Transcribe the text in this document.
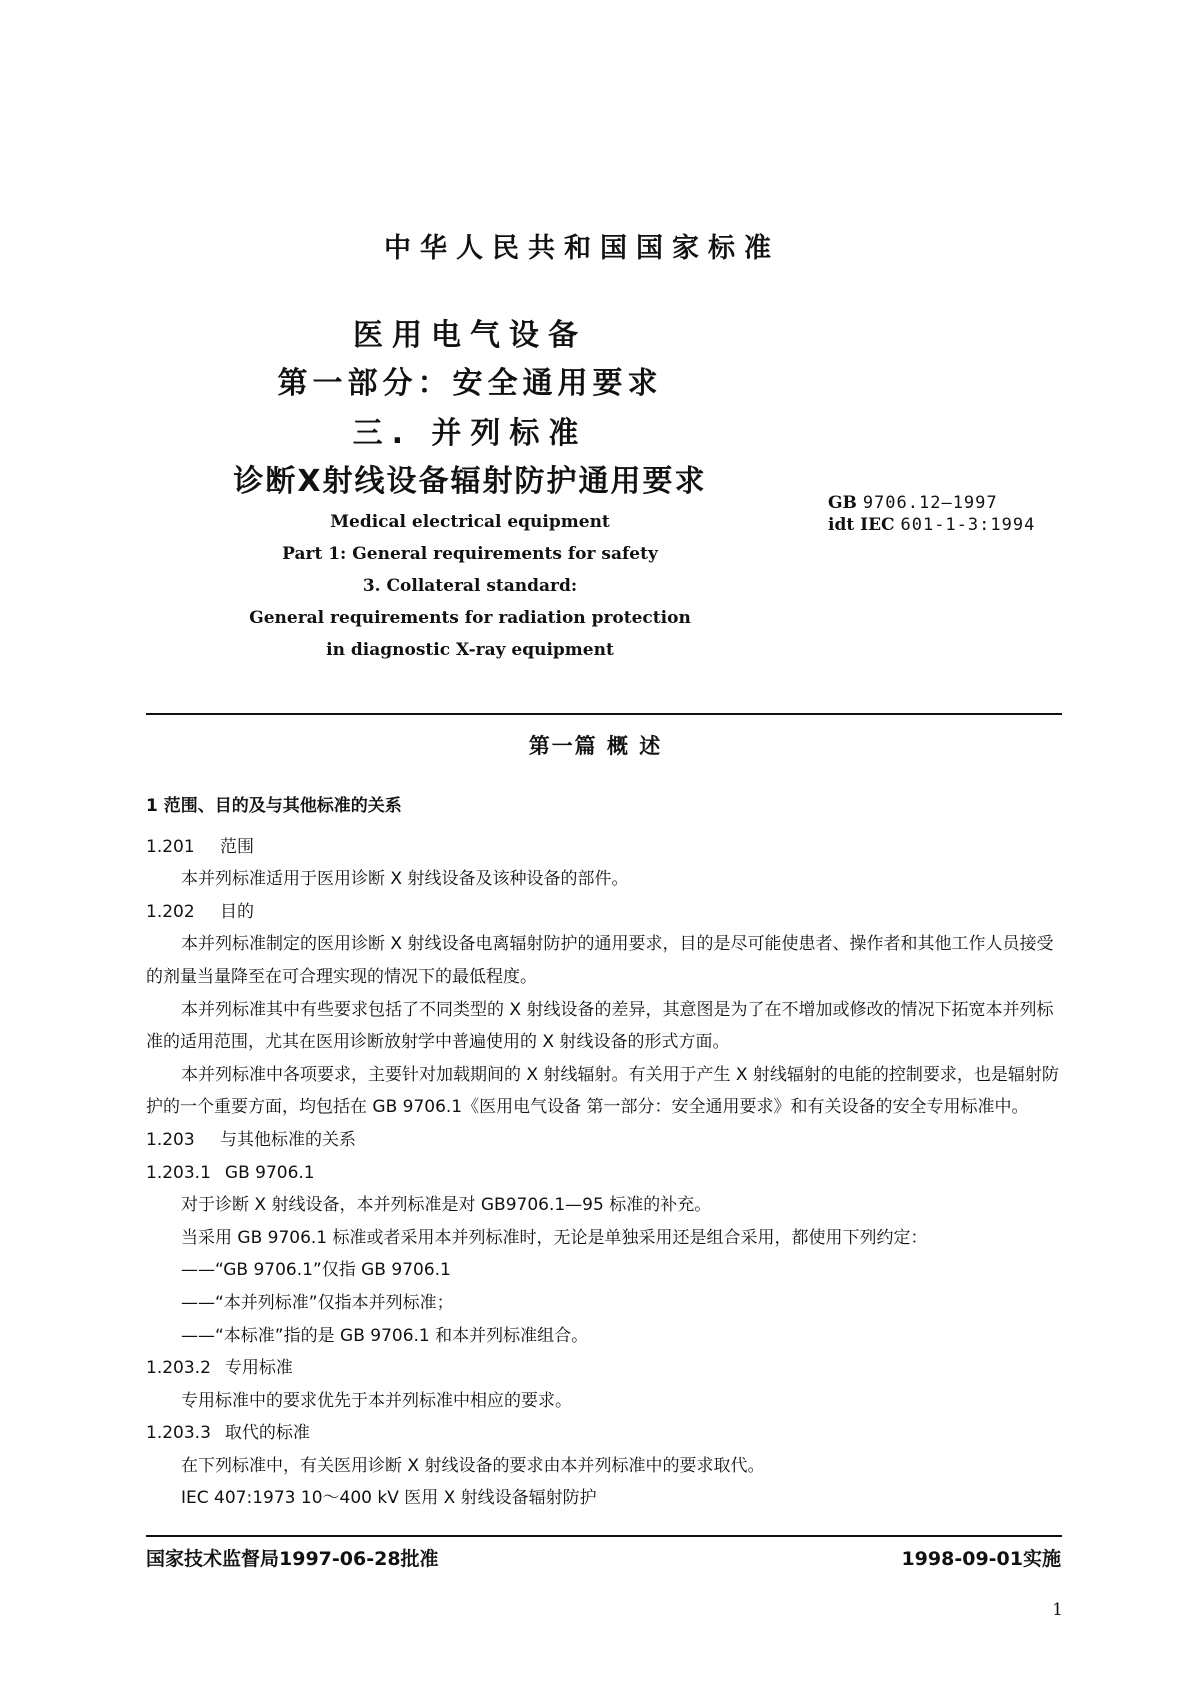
中华人民共和国国家标准
医用电气设备
第一部分：安全通用要求
三. 并列标准
诊断X射线设备辐射防护通用要求
GB 9706.12—1997
idt IEC 601-1-3:1994
Medical electrical equipment
Part 1: General requirements for safety
3. Collateral standard:
General requirements for radiation protection
in diagnostic X-ray equipment
第一篇 概 述

1 范围、目的及与其他标准的关系

1.201 范围

本并列标准适用于医用诊断 X 射线设备及该种设备的部件。

1.202 目的

本并列标准制定的医用诊断 X 射线设备电离辐射防护的通用要求，目的是尽可能使患者、操作者和其他工作人员接受的剂量当量降至在可合理实现的情况下的最低程度。

本并列标准其中有些要求包括了不同类型的 X 射线设备的差异，其意图是为了在不增加或修改的情况下拓宽本并列标准的适用范围，尤其在医用诊断放射学中普遍使用的 X 射线设备的形式方面。

本并列标准中各项要求，主要针对加载期间的 X 射线辐射。有关用于产生 X 射线辐射的电能的控制要求，也是辐射防护的一个重要方面，均包括在 GB 9706.1《医用电气设备 第一部分：安全通用要求》和有关设备的安全专用标准中。

1.203 与其他标准的关系

1.203.1 GB 9706.1

对于诊断 X 射线设备，本并列标准是对 GB9706.1—95 标准的补充。

当采用 GB 9706.1 标准或者采用本并列标准时，无论是单独采用还是组合采用，都使用下列约定：

——“GB 9706.1”仅指 GB 9706.1

——“本并列标准”仅指本并列标准；

——“本标准”指的是 GB 9706.1 和本并列标准组合。

1.203.2 专用标准

专用标准中的要求优先于本并列标准中相应的要求。

1.203.3 取代的标准

在下列标准中，有关医用诊断 X 射线设备的要求由本并列标准中的要求取代。

IEC 407:1973 10～400 kV 医用 X 射线设备辐射防护

国家技术监督局1997-06-28批准	1998-09-01实施
1
